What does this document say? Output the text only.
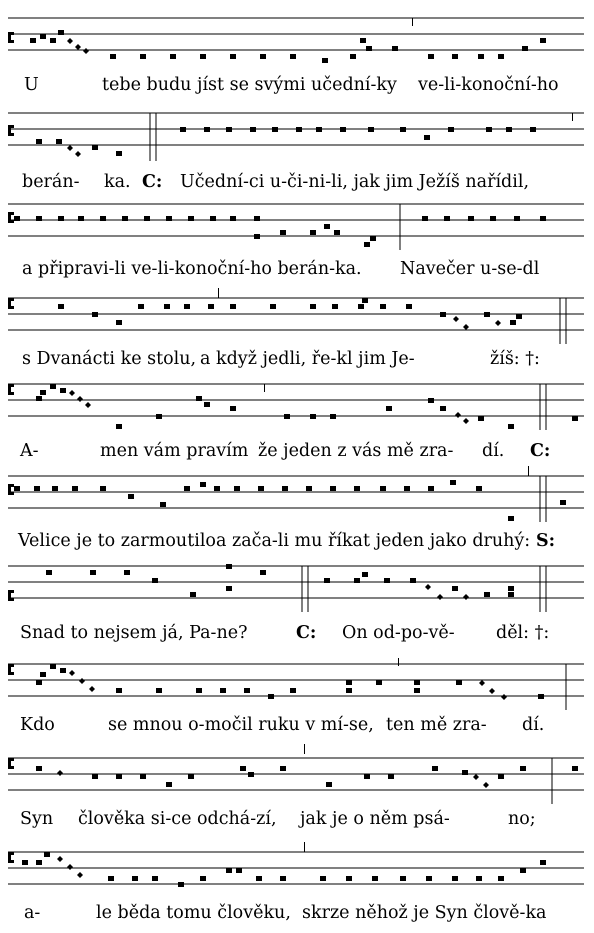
U	tebe budu jíst se svými učední-ky ve-li-konoční-ho
berán- ka. C: Učední-ci u-či-ni-li, jak jim Ježíš nařídil,
a připravi-li ve-li-konoční-ho berán-ka. Navečer u-se-dl
s Dvanácti ke stolu, a když jedli, ře-kl jim Je-	žíš: †:
A-	men vám pravím že jeden z vás mě zra- dí. C:
Velice je to zarmoutilo a zača-li mu říkat jeden jako druhý: S:
Snad to nejsem já, Pa-ne?	C: On od-po-vě- děl: †:
Kdo	se mnou o-močil ruku v mí-se, ten mě zra- dí.
Syn člověka si-ce odchá-zí, jak je o něm psá-	no;
a-	le běda tomu člověku, skrze něhož je Syn člově-ka
